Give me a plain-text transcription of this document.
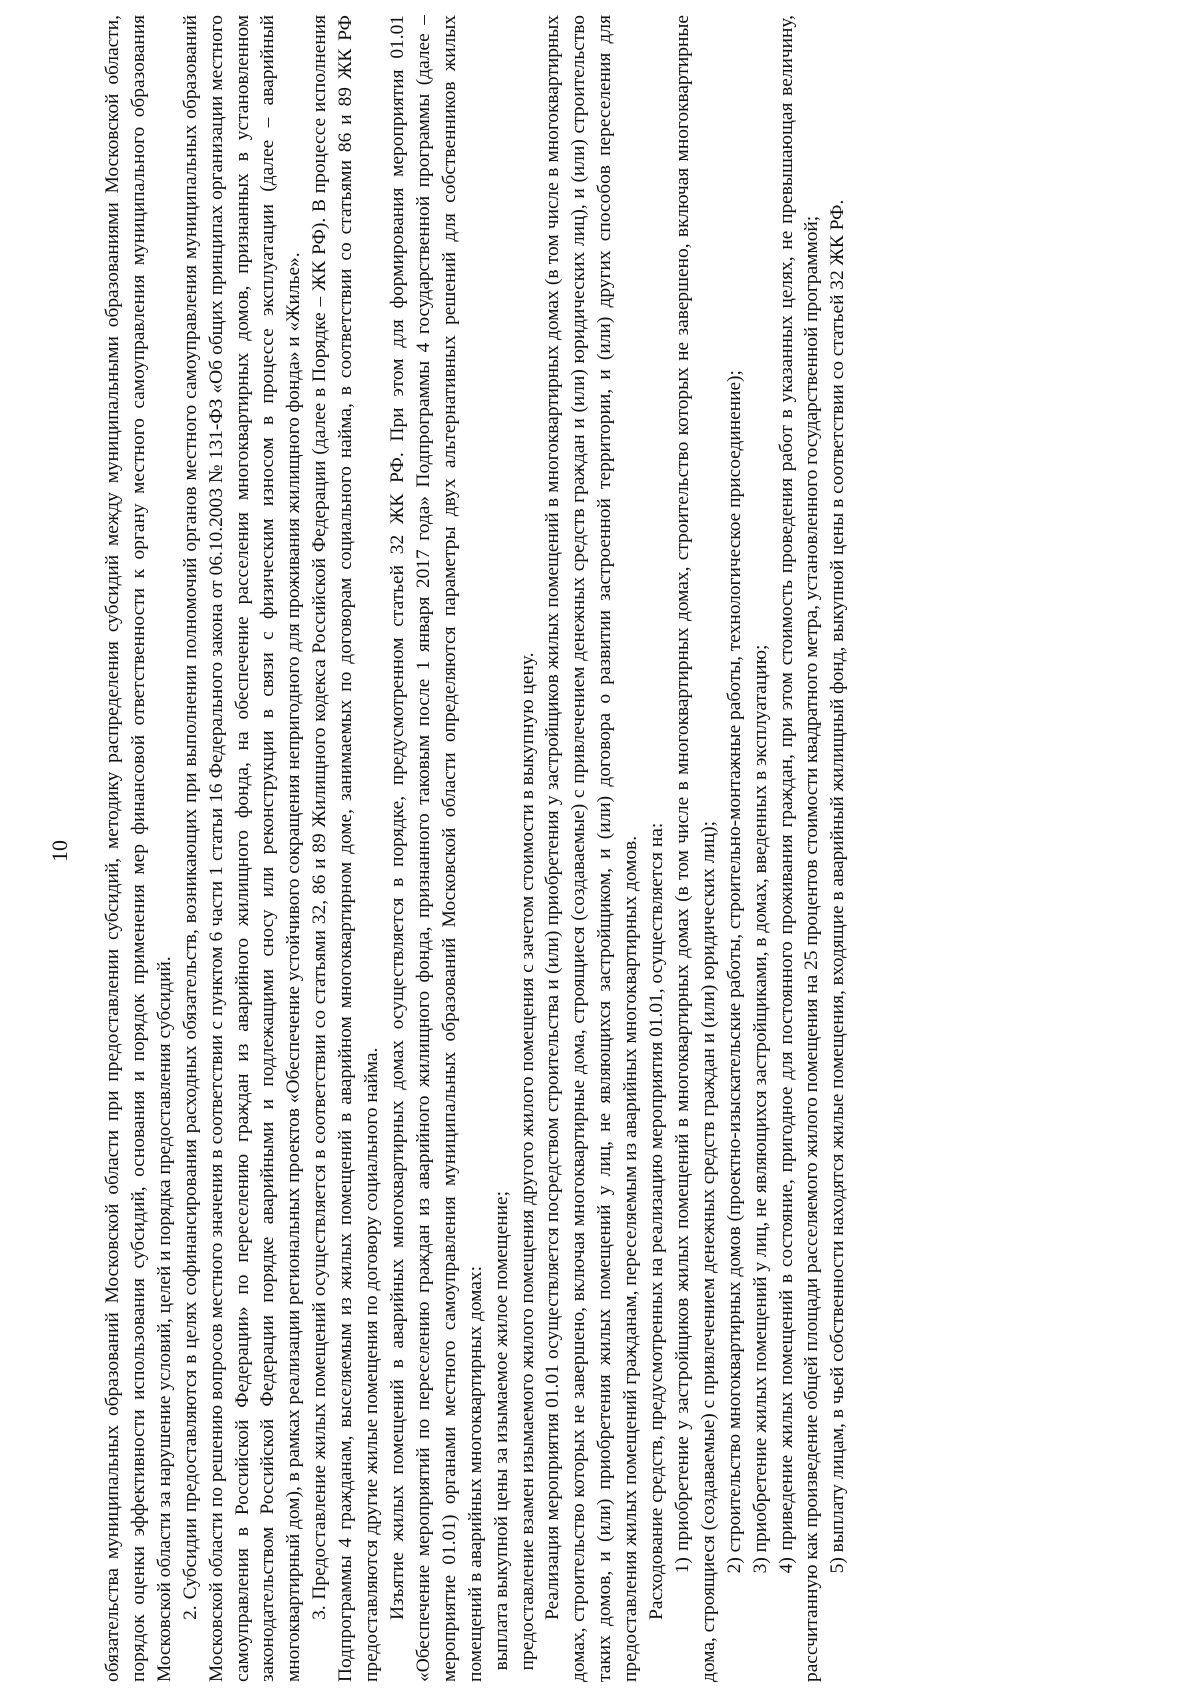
10 обязательства муниципальных образований Московской области при предоставлении субсидий, методику распределения субсидий между муниципальными образованиями Московской области, порядок оценки эффективности использования субсидий, основания и порядок применения мер финансовой ответственности к органу местного самоуправления муниципального образования Московской области за нарушение условий, целей и порядка предоставления субсидий. 2. Субсидии предоставляются в целях софинансирования расходных обязательств, возникающих при выполнении полномочий органов местного самоуправления муниципальных образований Московской области по решению вопросов местного значения в соответствии с пунктом 6 части 1 статьи 16 Федерального закона от 06.10.2003 № 131-ФЗ «Об общих принципах организации местного самоуправления в Российской Федерации» по переселению граждан из аварийного жилищного фонда, на обеспечение расселения многоквартирных домов, признанных в установленном законодательством Российской Федерации порядке аварийными и подлежащими сносу или реконструкции в связи с физическим износом в процессе эксплуатации (далее – аварийный многоквартирный дом), в рамках реализации региональных проектов «Обеспечение устойчивого сокращения непригодного для проживания жилищного фонда» и «Жилье». 3. Предоставление жилых помещений осуществляется в соответствии со статьями 32, 86 и 89 Жилищного кодекса Российской Федерации (далее в Порядке – ЖК РФ). В процессе исполнения Подпрограммы 4 гражданам, выселяемым из жилых помещений в аварийном многоквартирном доме, занимаемых по договорам социального найма, в соответствии со статьями 86 и 89 ЖК РФ предоставляются другие жилые помещения по договору социального найма. Изъятие жилых помещений в аварийных многоквартирных домах осуществляется в порядке, предусмотренном статьей 32 ЖК РФ. При этом для формирования мероприятия 01.01 «Обеспечение мероприятий по переселению граждан из аварийного жилищного фонда, признанного таковым после 1 января 2017 года» Подпрограммы 4 государственной программы (далее – мероприятие 01.01) органами местного самоуправления муниципальных образований Московской области определяются параметры двух альтернативных решений для собственников жилых помещений в аварийных многоквартирных домах: выплата выкупной цены за изымаемое жилое помещение; предоставление взамен изымаемого жилого помещения другого жилого помещения с зачетом стоимости в выкупную цену. Реализация мероприятия 01.01 осуществляется посредством строительства и (или) приобретения у застройщиков жилых помещений в многоквартирных домах (в том числе в многоквартирных домах, строительство которых не завершено, включая многоквартирные дома, строящиеся (создаваемые) с привлечением денежных средств граждан и (или) юридических лиц), и (или) строительство таких домов, и (или) приобретения жилых помещений у лиц, не являющихся застройщиком, и (или) договора о развитии застроенной территории, и (или) других способов переселения для предоставления жилых помещений гражданам, переселяемым из аварийных многоквартирных домов. Расходование средств, предусмотренных на реализацию мероприятия 01.01, осуществляется на: 1) приобретение у застройщиков жилых помещений в многоквартирных домах (в том числе в многоквартирных домах, строительство которых не завершено, включая многоквартирные дома, строящиеся (создаваемые) с привлечением денежных средств граждан и (или) юридических лиц); 2) строительство многоквартирных домов (проектно-изыскательские работы, строительно-монтажные работы, технологическое присоединение); 3) приобретение жилых помещений у лиц, не являющихся застройщиками, в домах, введенных в эксплуатацию; 4) приведение жилых помещений в состояние, пригодное для постоянного проживания граждан, при этом стоимость проведения работ в указанных целях, не превышающая величину, рассчитанную как произведение общей площади расселяемого жилого помещения на 25 процентов стоимости квадратного метра, установленного государственной программой; 5) выплату лицам, в чьей собственности находятся жилые помещения, входящие в аварийный жилищный фонд, выкупной цены в соответствии со статьей 32 ЖК РФ.
